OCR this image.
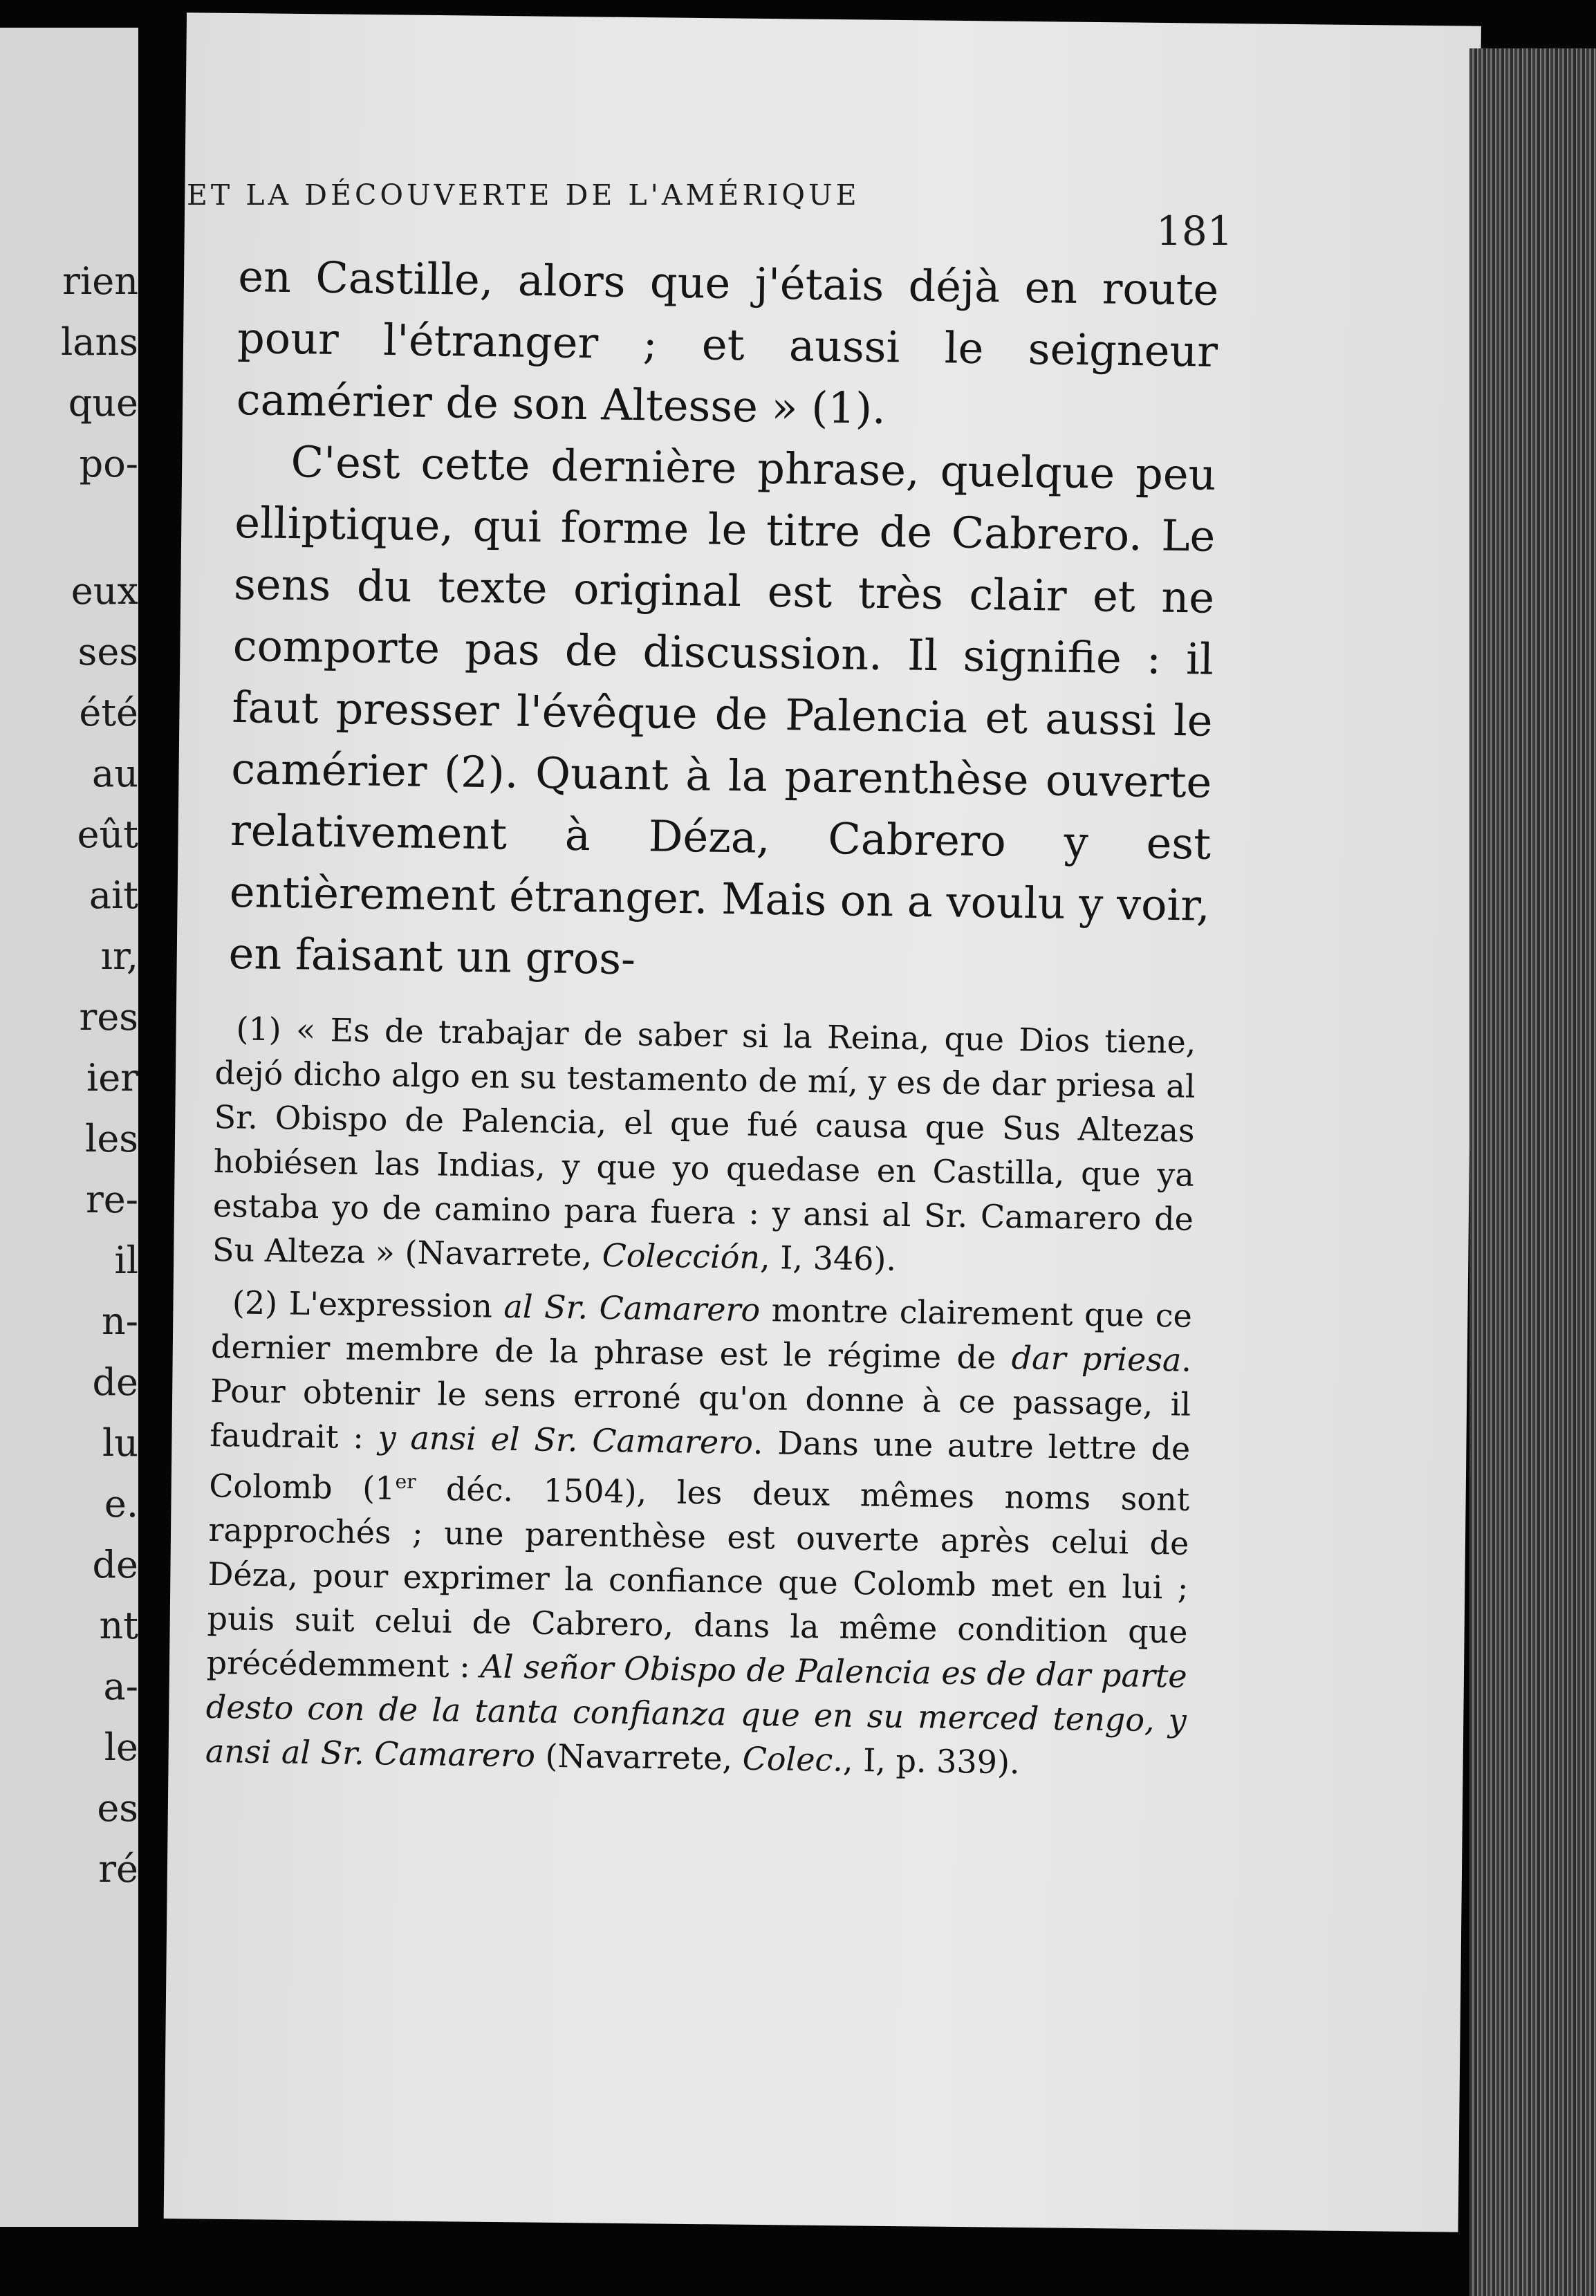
rien
lans
que
po-
eux
ses
été
au
eût
ait
ır,
res
ier
les
re-
il
n-
de
lu
e.
de
nt
a-
le
es
ré
ET LA DÉCOUVERTE DE L'AMÉRIQUE
181

en Castille, alors que j'étais déjà en route pour l'étranger ; et aussi le seigneur camérier de son Altesse » (1).

C'est cette dernière phrase, quelque peu elliptique, qui forme le titre de Cabrero. Le sens du texte original est très clair et ne comporte pas de discussion. Il signifie : il faut presser l'évêque de Palencia et aussi le camérier (2). Quant à la parenthèse ouverte relativement à Déza, Cabrero y est entièrement étranger. Mais on a voulu y voir, en faisant un gros-

(1) « Es de trabajar de saber si la Reina, que Dios tiene, dejó dicho algo en su testamento de mí, y es de dar priesa al Sr. Obispo de Palencia, el que fué causa que Sus Altezas hobiésen las Indias, y que yo quedase en Castilla, que ya estaba yo de camino para fuera : y ansi al Sr. Camarero de Su Alteza » (Navarrete, Colección, I, 346).

(2) L'expression al Sr. Camarero montre clairement que ce dernier membre de la phrase est le régime de dar priesa. Pour obtenir le sens erroné qu'on donne à ce passage, il faudrait : y ansi el Sr. Camarero. Dans une autre lettre de Colomb (1er déc. 1504), les deux mêmes noms sont rapprochés ; une parenthèse est ouverte après celui de Déza, pour exprimer la confiance que Colomb met en lui ; puis suit celui de Cabrero, dans la même condition que précédemment : Al señor Obispo de Palencia es de dar parte desto con de la tanta confianza que en su merced tengo, y ansi al Sr. Camarero (Navarrete, Colec., I, p. 339).
